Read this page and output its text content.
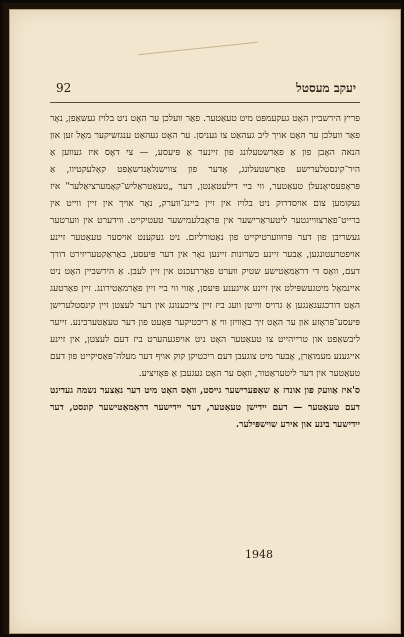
92	יעקב מעסטל

פריץ הירשביין האָט געקעמפּט מיט טעאַטער. פאַר וועלכן ער האָט ניט בלויז געשאַפן, נאָר פאַר וועלכן ער האָט אויך ליב געהאַט צו געניסן. ער האָט געהאַט ענגזשיקער מאָל זען און הנאה האָבן פון אַ פאַרשטעלונג פון זיינער אַ פּיעסע, — צי דאָס איז געווען אַ היר־קינסטלערישע פאַרשטעלונג, אָדער פון צווישנלאַנדשאַפט קאָלעקטיוו, אַ פּראָפעסיאָנעלן טעאַטער, ווי ביי דילעטאַנטן, דער „טעאַטראַליש־קאָמערציאַלער" איז געקומען צום אויסדרוק ניט בלויז אין זיין ביינג־ווערק, נאָר אויך אין זיין ווייט אין ברייט־פאַרצווייגטער ליטעראַרישער אין פּראָבלעמישער טעטיקייט. ווידערט אין ווערטער געשריבן פון דער פּרוּווערטיקייט פון נאַטורליזם. ניט געקענט אויסער טעאַטער זיינע אויפטרעטונגען, אַבער זיינע כשרונות זיינען נאָר אין דער פּיעסע, באַראַקטעריזירט דורך דעם, וואָס די דראַמאַטישע שטיק ווערט פאַררעכנט אין זיין לעבן. אַ הירשביין האָט ניט איינמאָל מיטגעשפּילט אין זיינע אייגענע פּיעסן, אַזוי ווי ביי זיין פאַרמאַטירונג. זיין פאַרטעג האָט דורכגעגאַנגען אַ גרויס ווייטן וועג ביז זיין צייכענונג אין דער לעצטן זיין קינסטלערישן פּיעסע־פּראָזע און ער האָט זיך באַוויזן ווי אַ ריכטיקער פּאָעט פון דער טעאַטערבינע. זייער ליבשאַפט און טרייהייט צו טעאַטער האָט ניט אויפגעהערט ביז דעם לעצטן, אין זיינע אייגענע מעמואַרן, אָבער מיט צוגעבן דעם ריכטיקן קוק אויף דער מעלה־פּאַסיקייט פון דעם טעאַטער אין דער ליטעראַטור, וואָס ער האָט געגעבן אַ פּאָזיציע.

ס'איז אַוועק פון אונדז אַ שאַפערישער גייסט, וואָס האָט מיט דער נאַצער נשמה געדינט דעם טעאַטער — דעם יידישן טעאַטער, דער יידישער דראַמאַטישער קונסט, דער יידישער בינע און אירע שוישפּילער.

1948
